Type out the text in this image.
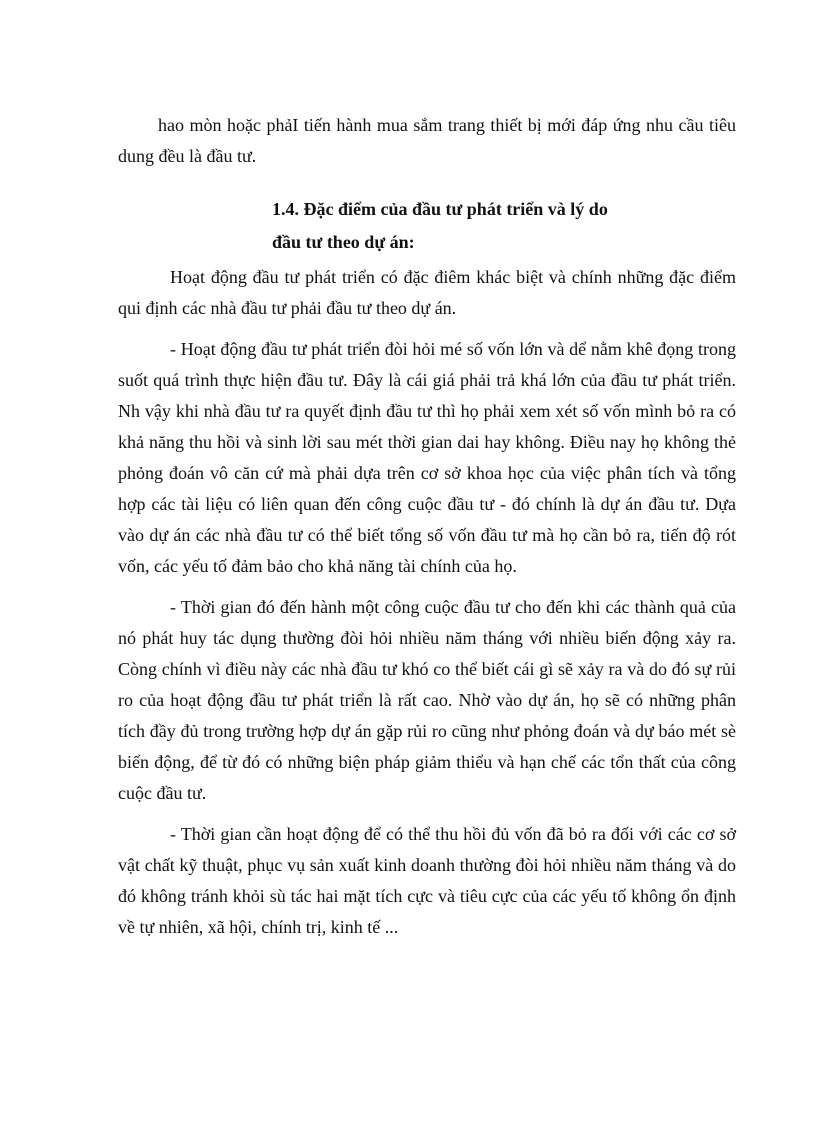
hao mòn hoặc phảI tiến hành mua sắm trang thiết bị mới đáp ứng nhu cầu tiêu dung đều là đầu tư.

1.4. Đặc điểm của đầu tư phát triển và lý do
đầu tư theo dự án:

Hoạt động đầu tư phát triển có đặc điêm khác biệt và chính những đặc điểm qui định các nhà đầu tư phải đầu tư theo dự án.

- Hoạt động đầu tư phát triển đòi hỏi mé số vốn lớn và dể nằm khê đọng trong suốt quá trình thực hiện đầu tư. Đây là cái giá phải trả khá lớn của đầu tư phát triển. Nh vậy khi nhà đầu tư ra quyết định đầu tư thì họ phải xem xét số vốn mình bỏ ra có khả năng thu hồi và sinh lời sau mét thời gian dai hay không. Điều nay họ không thẻ phỏng đoán vô căn cứ mà phải dựa trên cơ sở khoa học của việc phân tích và tổng hợp các tài liệu có liên quan đến công cuộc đầu tư - đó chính là dự án đầu tư. Dựa vào dự án các nhà đầu tư có thể biết tổng số vốn đầu tư mà họ cần bỏ ra, tiến độ rót vốn, các yếu tố đảm bảo cho khả năng tài chính của họ.

- Thời gian đó đến hành một công cuộc đầu tư cho đến khi các thành quả của nó phát huy tác dụng thường đòi hỏi nhiều năm tháng với nhiều biến động xảy ra. Còng chính vì điều này các nhà đầu tư khó co thể biết cái gì sẽ xảy ra và do đó sự rủi ro của hoạt động đầu tư phát triển là rất cao. Nhờ vào dự án, họ sẽ có những phân tích đầy đủ trong trường hợp dự án gặp rủi ro cũng như phỏng đoán và dự báo mét sè biến động, để từ đó có những biện pháp giảm thiểu và hạn chế các tổn thất của công cuộc đầu tư.

- Thời gian cần hoạt động để có thể thu hồi đủ vốn đã bỏ ra đối với các cơ sở vật chất kỹ thuật, phục vụ sản xuất kinh doanh thường đòi hỏi nhiều năm tháng và do đó không tránh khỏi sù tác hai mặt tích cực và tiêu cực của các yếu tố không ổn định về tự nhiên, xã hội, chính trị, kinh tế ...
